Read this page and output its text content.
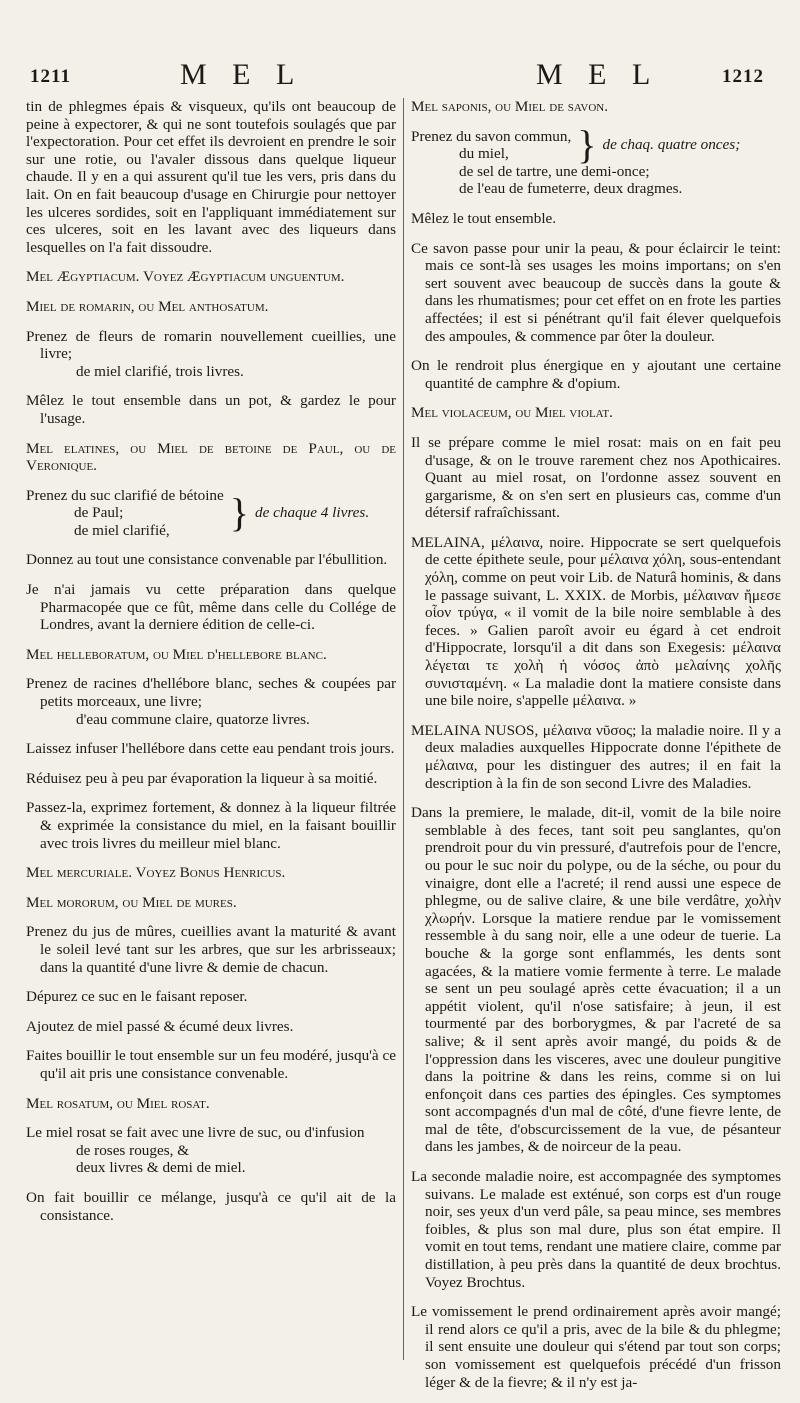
1211	M E L	M E L	1212

tin de phlegmes épais & visqueux, qu'ils ont beaucoup de peine à expectorer, & qui ne sont toutefois soulagés que par l'expectoration. Pour cet effet ils devroient en prendre le soir sur une rotie, ou l'avaler dissous dans quelque liqueur chaude. Il y en a qui assurent qu'il tue les vers, pris dans du lait. On en fait beaucoup d'usage en Chirurgie pour nettoyer les ulceres sordides, soit en l'appliquant immédiatement sur ces ulceres, soit en les lavant avec des liqueurs dans lesquelles on l'a fait dissoudre.

Mel Ægyptiacum. Voyez Ægyptiacum unguentum.

Miel de romarin, ou Mel anthosatum.

Prenez de fleurs de romarin nouvellement cueillies, une livre;
de miel clarifié, trois livres.

Mêlez le tout ensemble dans un pot, & gardez le pour l'usage.

Mel elatines, ou Miel de betoine de Paul, ou de Veronique.

Prenez du suc clarifié de bétoine
de Paul;
de miel clarifié,	} de chaque 4 livres.

Donnez au tout une consistance convenable par l'ébullition.

Je n'ai jamais vu cette préparation dans quelque Pharmacopée que ce fût, même dans celle du Collége de Londres, avant la derniere édition de celle-ci.

Mel helleboratum, ou Miel d'hellebore blanc.

Prenez de racines d'hellébore blanc, seches & coupées par petits morceaux, une livre;
d'eau commune claire, quatorze livres.

Laissez infuser l'hellébore dans cette eau pendant trois jours.

Réduisez peu à peu par évaporation la liqueur à sa moitié.

Passez-la, exprimez fortement, & donnez à la liqueur filtrée & exprimée la consistance du miel, en la faisant bouillir avec trois livres du meilleur miel blanc.

Mel mercuriale. Voyez Bonus Henricus.

Mel mororum, ou Miel de mures.

Prenez du jus de mûres, cueillies avant la maturité & avant le soleil levé tant sur les arbres, que sur les arbrisseaux; dans la quantité d'une livre & demie de chacun.

Dépurez ce suc en le faisant reposer.

Ajoutez de miel passé & écumé deux livres.

Faites bouillir le tout ensemble sur un feu modéré, jusqu'à ce qu'il ait pris une consistance convenable.

Mel rosatum, ou Miel rosat.

Le miel rosat se fait avec une livre de suc, ou d'infusion
de roses rouges, &
deux livres & demi de miel.

On fait bouillir ce mélange, jusqu'à ce qu'il ait de la consistance.

Mel saponis, ou Miel de savon.

Prenez du savon commun,
du miel,	} de chaq. quatre onces;
de sel de tartre, une demi-once;
de l'eau de fumeterre, deux dragmes.

Mêlez le tout ensemble.

Ce savon passe pour unir la peau, & pour éclaircir le teint: mais ce sont-là ses usages les moins importans; on s'en sert souvent avec beaucoup de succès dans la goute & dans les rhumatismes; pour cet effet on en frote les parties affectées; il est si pénétrant qu'il fait élever quelquefois des ampoules, & commence par ôter la douleur.

On le rendroit plus énergique en y ajoutant une certaine quantité de camphre & d'opium.

Mel violaceum, ou Miel violat.

Il se prépare comme le miel rosat: mais on en fait peu d'usage, & on le trouve rarement chez nos Apothicaires. Quant au miel rosat, on l'ordonne assez souvent en gargarisme, & on s'en sert en plusieurs cas, comme d'un détersif rafraîchissant.

MELAINA, μέλαινα, noire. Hippocrate se sert quelquefois de cette épithete seule, pour μέλαινα χόλη, sous-entendant χόλη, comme on peut voir Lib. de Naturâ hominis, & dans le passage suivant, L. XXIX. de Morbis, μέλαιναν ἤμεσε οἷον τρύγα, « il vomit de la bile noire semblable à des feces. » Galien paroît avoir eu égard à cet endroit d'Hippocrate, lorsqu'il a dit dans son Exegesis: μέλαινα λέγεται τε χολὴ ἡ νόσος ἀπὸ μελαίνης χολῆς συνισταμένη. « La maladie dont la matiere consiste dans une bile noire, s'appelle μέλαινα. »

MELAINA NUSOS, μέλαινα νῦσος; la maladie noire. Il y a deux maladies auxquelles Hippocrate donne l'épithete de μέλαινα, pour les distinguer des autres; il en fait la description à la fin de son second Livre des Maladies.

Dans la premiere, le malade, dit-il, vomit de la bile noire semblable à des feces, tant soit peu sanglantes, qu'on prendroit pour du vin pressuré, d'autrefois pour de l'encre, ou pour le suc noir du polype, ou de la séche, ou pour du vinaigre, dont elle a l'acreté; il rend aussi une espece de phlegme, ou de salive claire, & une bile verdâtre, χολὴν χλωρήν. Lorsque la matiere rendue par le vomissement ressemble à du sang noir, elle a une odeur de tuerie. La bouche & la gorge sont enflammés, les dents sont agacées, & la matiere vomie fermente à terre. Le malade se sent un peu soulagé après cette évacuation; il a un appétit violent, qu'il n'ose satisfaire; à jeun, il est tourmenté par des borborygmes, & par l'acreté de sa salive; & il sent après avoir mangé, du poids & de l'oppression dans les visceres, avec une douleur pungitive dans la poitrine & dans les reins, comme si on lui enfonçoit dans ces parties des épingles. Ces symptomes sont accompagnés d'un mal de côté, d'une fievre lente, de mal de tête, d'obscurcissement de la vue, de pésanteur dans les jambes, & de noirceur de la peau.

La seconde maladie noire, est accompagnée des symptomes suivans. Le malade est exténué, son corps est d'un rouge noir, ses yeux d'un verd pâle, sa peau mince, ses membres foibles, & plus son mal dure, plus son état empire. Il vomit en tout tems, rendant une matiere claire, comme par distillation, à peu près dans la quantité de deux brochtus. Voyez Brochtus.

Le vomissement le prend ordinairement après avoir mangé; il rend alors ce qu'il a pris, avec de la bile & du phlegme; il sent ensuite une douleur qui s'étend par tout son corps; son vomissement est quelquefois précédé d'un frisson léger & de la fievre; & il n'y est ja-
